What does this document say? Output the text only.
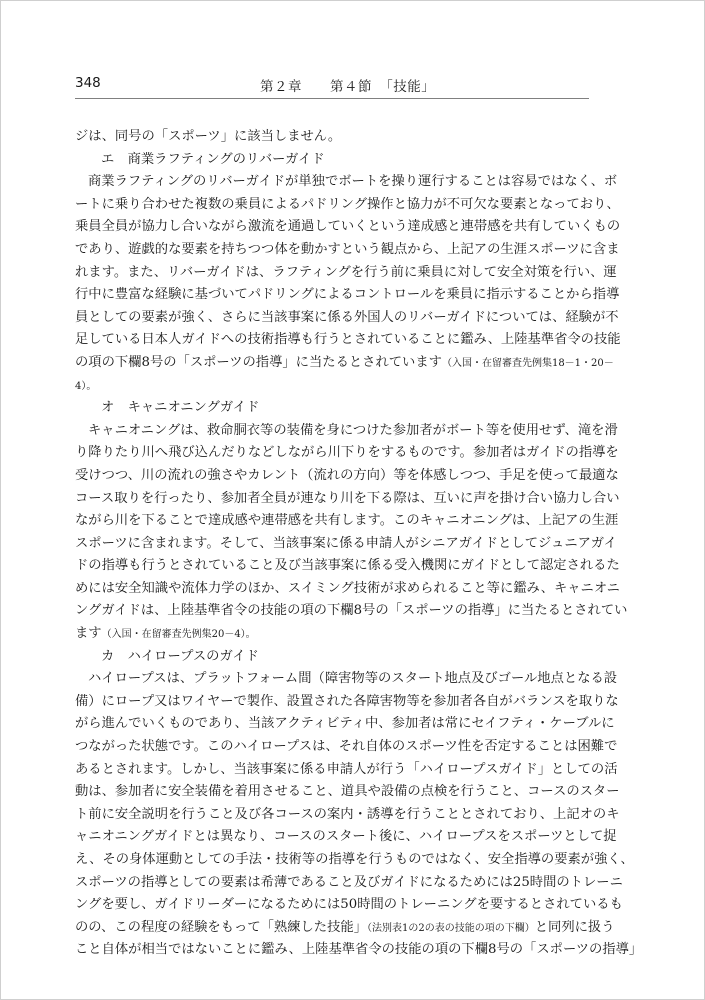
348	第２章　　第４節　「技能」
ジは、同号の「スポーツ」に該当しません。
エ　商業ラフティングのリバーガイド
商業ラフティングのリバーガイドが単独でボートを操り運行することは容易ではなく、ボ
ートに乗り合わせた複数の乗員によるパドリング操作と協力が不可欠な要素となっており、
乗員全員が協力し合いながら激流を通過していくという達成感と連帯感を共有していくもの
であり、遊戯的な要素を持ちつつ体を動かすという観点から、上記アの生涯スポーツに含ま
れます。また、リバーガイドは、ラフティングを行う前に乗員に対して安全対策を行い、運
行中に豊富な経験に基づいてパドリングによるコントロールを乗員に指示することから指導
員としての要素が強く、さらに当該事案に係る外国人のリバーガイドについては、経験が不
足している日本人ガイドへの技術指導も行うとされていることに鑑み、上陸基準省令の技能
の項の下欄8号の「スポーツの指導」に当たるとされています（入国・在留審査先例集18－1・20－
4）。
オ　キャニオニングガイド
キャニオニングは、救命胴衣等の装備を身につけた参加者がボート等を使用せず、滝を滑
り降りたり川へ飛び込んだりなどしながら川下りをするものです。参加者はガイドの指導を
受けつつ、川の流れの強さやカレント（流れの方向）等を体感しつつ、手足を使って最適な
コース取りを行ったり、参加者全員が連なり川を下る際は、互いに声を掛け合い協力し合い
ながら川を下ることで達成感や連帯感を共有します。このキャニオニングは、上記アの生涯
スポーツに含まれます。そして、当該事案に係る申請人がシニアガイドとしてジュニアガイ
ドの指導も行うとされていること及び当該事案に係る受入機関にガイドとして認定されるた
めには安全知識や流体力学のほか、スイミング技術が求められること等に鑑み、キャニオニ
ングガイドは、上陸基準省令の技能の項の下欄8号の「スポーツの指導」に当たるとされてい
ます（入国・在留審査先例集20－4）。
カ　ハイロープスのガイド
ハイロープスは、プラットフォーム間（障害物等のスタート地点及びゴール地点となる設
備）にロープ又はワイヤーで製作、設置された各障害物等を参加者各自がバランスを取りな
がら進んでいくものであり、当該アクティビティ中、参加者は常にセイフティ・ケーブルに
つながった状態です。このハイロープスは、それ自体のスポーツ性を否定することは困難で
あるとされます。しかし、当該事案に係る申請人が行う「ハイロープスガイド」としての活
動は、参加者に安全装備を着用させること、道具や設備の点検を行うこと、コースのスター
ト前に安全説明を行うこと及び各コースの案内・誘導を行うこととされており、上記オのキ
ャニオニングガイドとは異なり、コースのスタート後に、ハイロープスをスポーツとして捉
え、その身体運動としての手法・技術等の指導を行うものではなく、安全指導の要素が強く、
スポーツの指導としての要素は希薄であること及びガイドになるためには25時間のトレーニ
ングを要し、ガイドリーダーになるためには50時間のトレーニングを要するとされているも
のの、この程度の経験をもって「熟練した技能」（法別表1の2の表の技能の項の下欄）と同列に扱う
こと自体が相当ではないことに鑑み、上陸基準省令の技能の項の下欄8号の「スポーツの指導」
